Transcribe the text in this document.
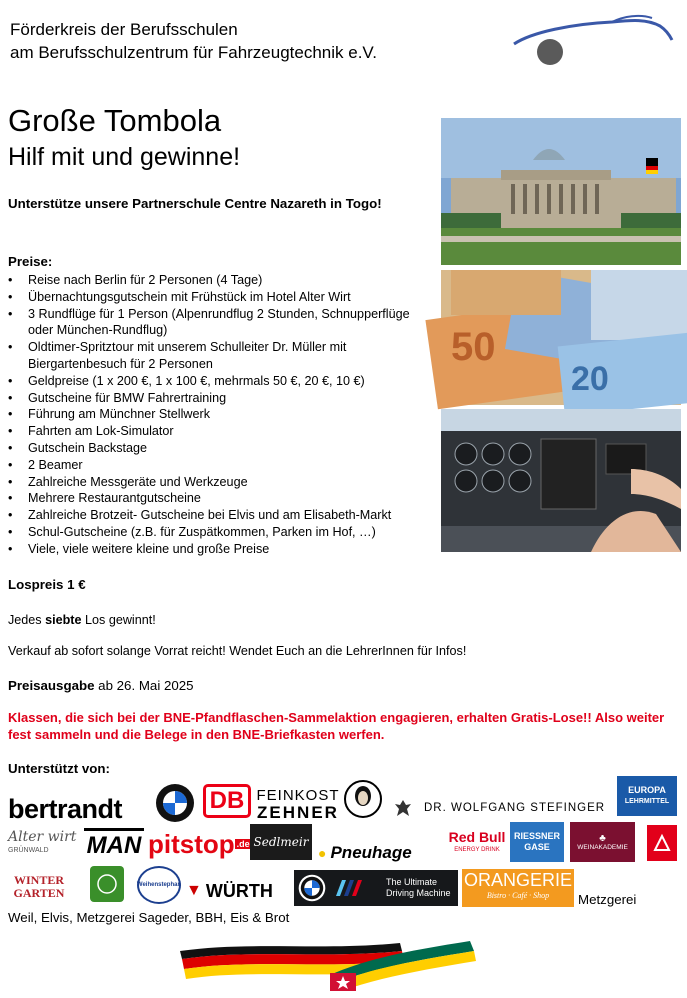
Förderkreis der Berufsschulen
am Berufsschulzentrum für Fahrzeugtechnik e.V.
Große Tombola
Hilf mit und gewinne!
Unterstütze unsere Partnerschule Centre Nazareth in Togo!
Preise:
• Reise nach Berlin für 2 Personen (4 Tage)
• Übernachtungsgutschein mit Frühstück im Hotel Alter Wirt
• 3 Rundflüge für 1 Person (Alpenrundflug 2 Stunden, Schnupperflüge oder München-Rundflug)
• Oldtimer-Spritztour mit unserem Schulleiter Dr. Müller mit Biergartenbesuch für 2 Personen
• Geldpreise (1 x 200 €, 1 x 100 €, mehrmals 50 €, 20 €, 10 €)
• Gutscheine für BMW Fahrertraining
• Führung am Münchner Stellwerk
• Fahrten am Lok-Simulator
• Gutschein Backstage
• 2 Beamer
• Zahlreiche Messgeräte und Werkzeuge
• Mehrere Restaurantgutscheine
• Zahlreiche Brotzeit- Gutscheine bei Elvis und am Elisabeth-Markt
• Schul-Gutscheine (z.B. für Zuspätkommen, Parken im Hof, …)
• Viele, viele weitere kleine und große Preise
50
20
Lospreis 1 €
Jedes siebte Los gewinnt!
Verkauf ab sofort solange Vorrat reicht! Wendet Euch an die LehrerInnen für Infos!
Preisausgabe ab 26. Mai 2025
Klassen, die sich bei der BNE-Pfandflaschen-Sammelaktion engagieren, erhalten Gratis-Lose!! Also weiter fest sammeln und die Belege in den BNE-Briefkasten werfen.
Unterstützt von:
bertrandt	DB FEINKOST
ZEHNER	DR. WOLFGANG STEFINGER
EUROPA
LEHRMITTEL
Alter wirt
GRÜNWALD MAN pitstop .de Sedlmeir
● Pneuhage
Red Bull
ENERGY DRINK
RIESSNER
GASE
♣
WEINAKADEMIE
WINTER
GARTEN
Weihenstephan ▼ WÜRTH	The Ultimate
Driving Machine
ORANGERIE
Bistro · Café · Shop Metzgerei
Weil, Elvis, Metzgerei Sageder, BBH, Eis & Brot
